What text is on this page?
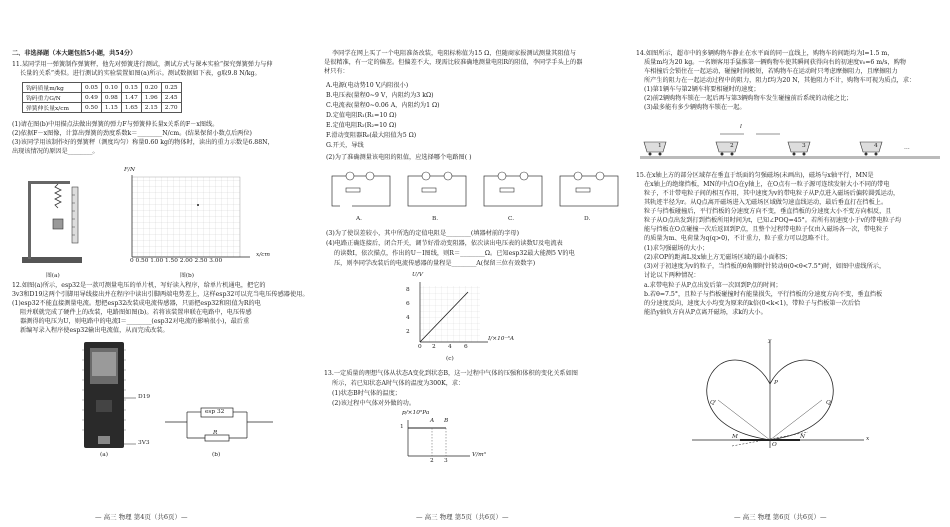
二、非选择题（本大题包括5小题，共54分）
11.某同学用一弹簧制作弹簧秤，他先对弹簧进行测试，测试方式与课本实验“探究弹簧弹力与伸
长量的关系”类似。进行测试的实验装置如图(a)所示。测试数据如下表，g取9.8 N/kg。
钩码质量m/kg	0.05	0.10	0.15	0.20	0.25
钩码重力G/N	0.49	0.98	1.47	1.96	2.45
弹簧伸长量x/cm	0.50	1.15	1.65	2.15	2.70
(1)请在图(b)中用描点法做出弹簧的弹力F与弹簧伸长量x关系的F－x图线。
(2)依据F－x图像，计算出弹簧的劲度系数k＝________N/cm。(结果保留小数点后两位)
(3)该同学用该制作好的弹簧秤（测度均匀）称量0.60 kg的物体时，读出的重力示数是6.88N，
出现该情况的原因是________。
图(a)
F/N
0 0.50 1.00 1.50 2.00 2.50 3.00
x/cm
图(b)
12.如图(a)所示，esp32是一款可测量电压的单片机，写好读入程序，给单片机通电，把它的
3v3和D19这两个引脚用导线接出并在程序中读出引脚两端电势差上，这样esp32可以充当电压传感器使用。
(1)esp32不能直接测量电流。想把esp32改装成电流传感器，只需把esp32和阻值为R的电
阻并联就完成了硬件上的改装，电路图如图(b)。若将该装置串联在电路中，电压传感
器测得的电压为U，则电路中的电流I＝________(esp32对电流的影响很小)，最后重
新编写录入程序使esp32输出电流值，从而完成改装。
D19
3V3
(a)
esp 32
R
(b)
— 高三 物理 第4页（共6页）—
李同学在网上买了一个电阻准备改装，电阻标称值为15 Ω，但随商家报测试测量其阻值与
是很精准，有一定的偏差。但偏差不大，现需比较准确地测量电阻R的阻值，李同学手头上的器
材只有：
A.电源(电动势10 V,内阻很小)
B.电压表(量程0~9 V，内阻约为3 kΩ)
C.电流表(量程0~0.06 A，内阻约为1 Ω)
D.定值电阻R₁(R₁=10 Ω)
E.定值电阻R₂(R₂=10 Ω)
F.滑动变阻器R₀(最大阻值为5 Ω)
G.开关，导线
(2)为了准确测量该电阻的阻值，应选择哪个电路图( )
A.	B.	C.	D.
(3)为了使误差较小，其中所选的定值电阻是________(填器材前的字母)
(4)电路正确连接后，闭合开关，调节好滑动变阻器，依次读出电压表的读数U及电流表
的读数I，依次描点，作出的U－I图线，则R＝________Ω。已知esp32最大能测5 V的电
压，则李同学改装后的电流传感器的量程是________A(保留三位有效数字)
U/V
8
6
4
2
0 2 4 6
I/×10⁻³A
(c)
13.一定质量的理想气体从状态A变化到状态B，这一过程中气体的压强和体积的变化关系如图
所示，若已知状态A时气体的温度为300K，求：
(1)状态B时气体的温度；
(2)该过程中气体对外做的功。
p/×10⁵Pa
A B
1
2 3
V/m³
— 高三 物理 第5页（共6页）—
14.如图所示，超市中的多辆购物车静止在水平面的同一直线上，购物车的间距均为l=1.5 m，
质量m均为20 kg。一名顾客用手猛推第一辆购物车使其瞬间获得向右的初速度v₀=6 m/s，购物
车相撞后会锁住在一起运动，碰撞时间极短，若购物车在运动时只考虑摩擦阻力，且摩擦阻力
所产生的阻力在一起运动过程中的阻力，阻力f均为20 N，其他阻力不计，购物车可视为质点，求：
(1)第1辆车与第2辆车将要相碰时的速度；
(2)前2辆购物车锁在一起后再与第3辆购物车发生碰撞前后系统的动能之比；
(3)最多能有多少辆购物车锁在一起。
l
1	2	3	4	…
15.在x轴上方的部分区域存在垂直于纸面的匀强磁场(未画出)，磁场与x轴平行，MN是
在x轴上的绝缘挡板，MN的中点O在y轴上，在O点有一粒子源可连续发射大小不同的带电
粒子，不计带电粒子间的相互作用，其中速度为v的带电粒子从P点进入磁场后偏转圆弧运动，
其轨迹半径为r。从Q点离开磁场进入无磁场区域做匀速直线运动，最后垂直打在挡板上。
粒子与挡板碰撞后，平行挡板的分速度方向不变，垂直挡板的分速度大小不变方向相反，且
粒子从O点出发到打到挡板所用时间为t，已知∠POQ=45°。若所有初速度小于v的带电粒子均
能与挡板在O点碰撞一次后返回到P点，且整个过程带电粒子仅由入磁场各一次，带电粒子
的质量为m、电荷量为q(q>0)，不计重力，粒子重力可以忽略不计。
(1)求匀强磁场的大小；
(2)求OP的距离L及x轴上方无磁场区域的最小面积S；
(3)对于初速度为v的粒子，当挡板的θ角顺时针转动θ(0<θ<7.5°)时，如图中虚线所示，
讨论以下两种情况：
a.求带电粒子从P点出发后第一次回到P点的时间；
b.若θ=7.5°，且粒子与挡板碰撞时有能量损失，平行挡板的分速度方向不变，垂直挡板
的分速度反向，速度大小均变为原来的k倍(0<k<1)，带粒子与挡板第一次后恰
能沿y轴负方向从P点离开磁场，求k的大小。
y
x
P
Q
Q'
M	N
O
— 高三 物理 第6页（共6页）—
